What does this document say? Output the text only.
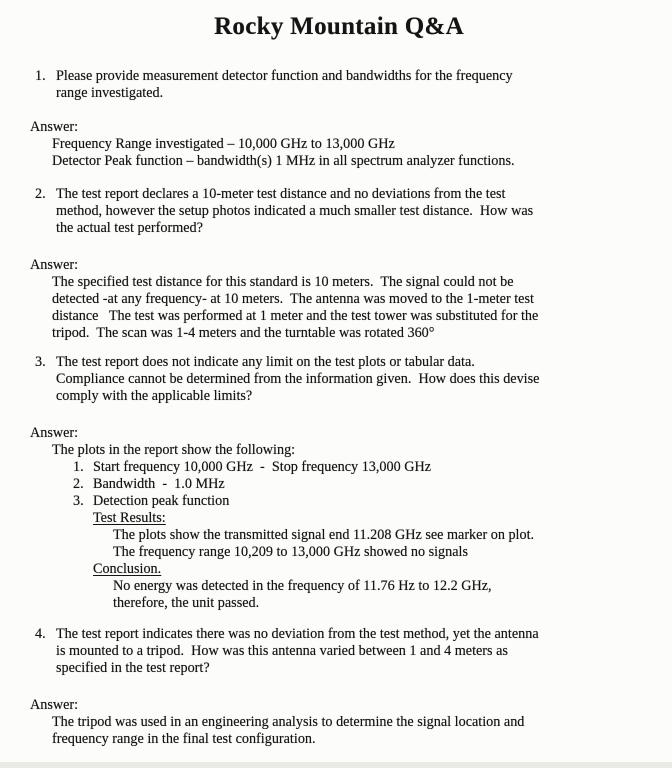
Rocky Mountain Q&A
1. Please provide measurement detector function and bandwidths for the frequency
range investigated.
Answer:
Frequency Range investigated – 10,000 GHz to 13,000 GHz
Detector Peak function – bandwidth(s) 1 MHz in all spectrum analyzer functions.
2. The test report declares a 10-meter test distance and no deviations from the test
method, however the setup photos indicated a much smaller test distance.  How was
the actual test performed?
Answer:
The specified test distance for this standard is 10 meters.  The signal could not be
detected -at any frequency- at 10 meters.  The antenna was moved to the 1-meter test
distance   The test was performed at 1 meter and the test tower was substituted for the
tripod.  The scan was 1-4 meters and the turntable was rotated 360°
3. The test report does not indicate any limit on the test plots or tabular data.
Compliance cannot be determined from the information given.  How does this devise
comply with the applicable limits?
Answer:
The plots in the report show the following:
1. Start frequency 10,000 GHz  -  Stop frequency 13,000 GHz
2. Bandwidth  -  1.0 MHz
3. Detection peak function
Test Results:
The plots show the transmitted signal end 11.208 GHz see marker on plot.
The frequency range 10,209 to 13,000 GHz showed no signals
Conclusion.
No energy was detected in the frequency of 11.76 Hz to 12.2 GHz,
therefore, the unit passed.
4. The test report indicates there was no deviation from the test method, yet the antenna
is mounted to a tripod.  How was this antenna varied between 1 and 4 meters as
specified in the test report?
Answer:
The tripod was used in an engineering analysis to determine the signal location and
frequency range in the final test configuration.
